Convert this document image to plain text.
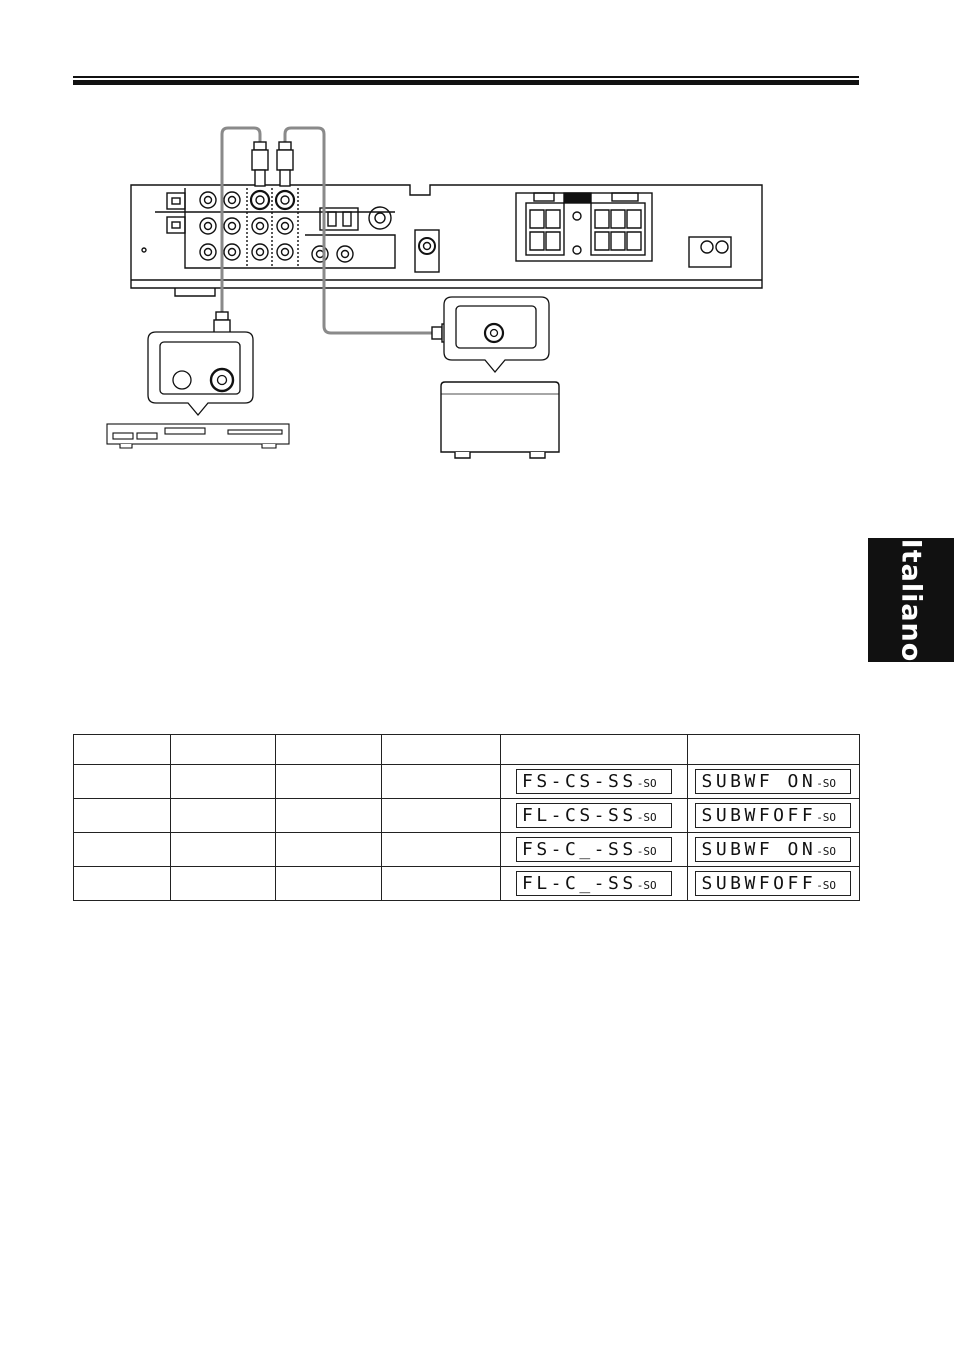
Italiano

				FS-CS-SS-SO	SUBWF ON-SO

				FL-CS-SS-SO	SUBWFOFF-SO

				FS-C_-SS-SO	SUBWF ON-SO

				FL-C_-SS-SO	SUBWFOFF-SO
